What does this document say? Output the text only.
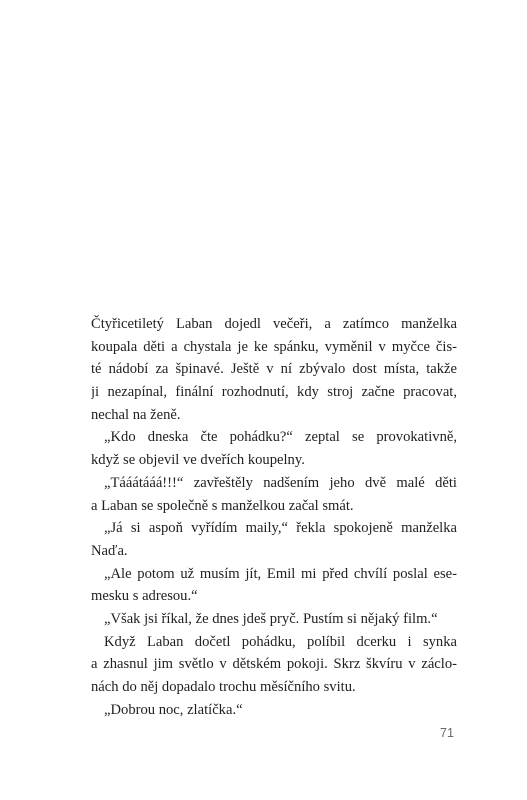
Čtyřicetiletý Laban dojedl večeři, a zatímco manželka
koupala děti a chystala je ke spánku, vyměnil v myčce čis-
té nádobí za špinavé. Ještě v ní zbývalo dost místa, takže
ji nezapínal, finální rozhodnutí, kdy stroj začne pracovat,
nechal na ženě.
„Kdo dneska čte pohádku?“ zeptal se provokativně,
když se objevil ve dveřích koupelny.
„Tááátááá!!!“ zavřeštěly nadšením jeho dvě malé děti
a Laban se společně s manželkou začal smát.
„Já si aspoň vyřídím maily,“ řekla spokojeně manželka
Naďa.
„Ale potom už musím jít, Emil mi před chvílí poslal ese-
mesku s adresou.“
„Však jsi říkal, že dnes jdeš pryč. Pustím si nějaký film.“
Když Laban dočetl pohádku, políbil dcerku i synka
a zhasnul jim světlo v dětském pokoji. Skrz škvíru v záclo-
nách do něj dopadalo trochu měsíčního svitu.
„Dobrou noc, zlatíčka.“
71
